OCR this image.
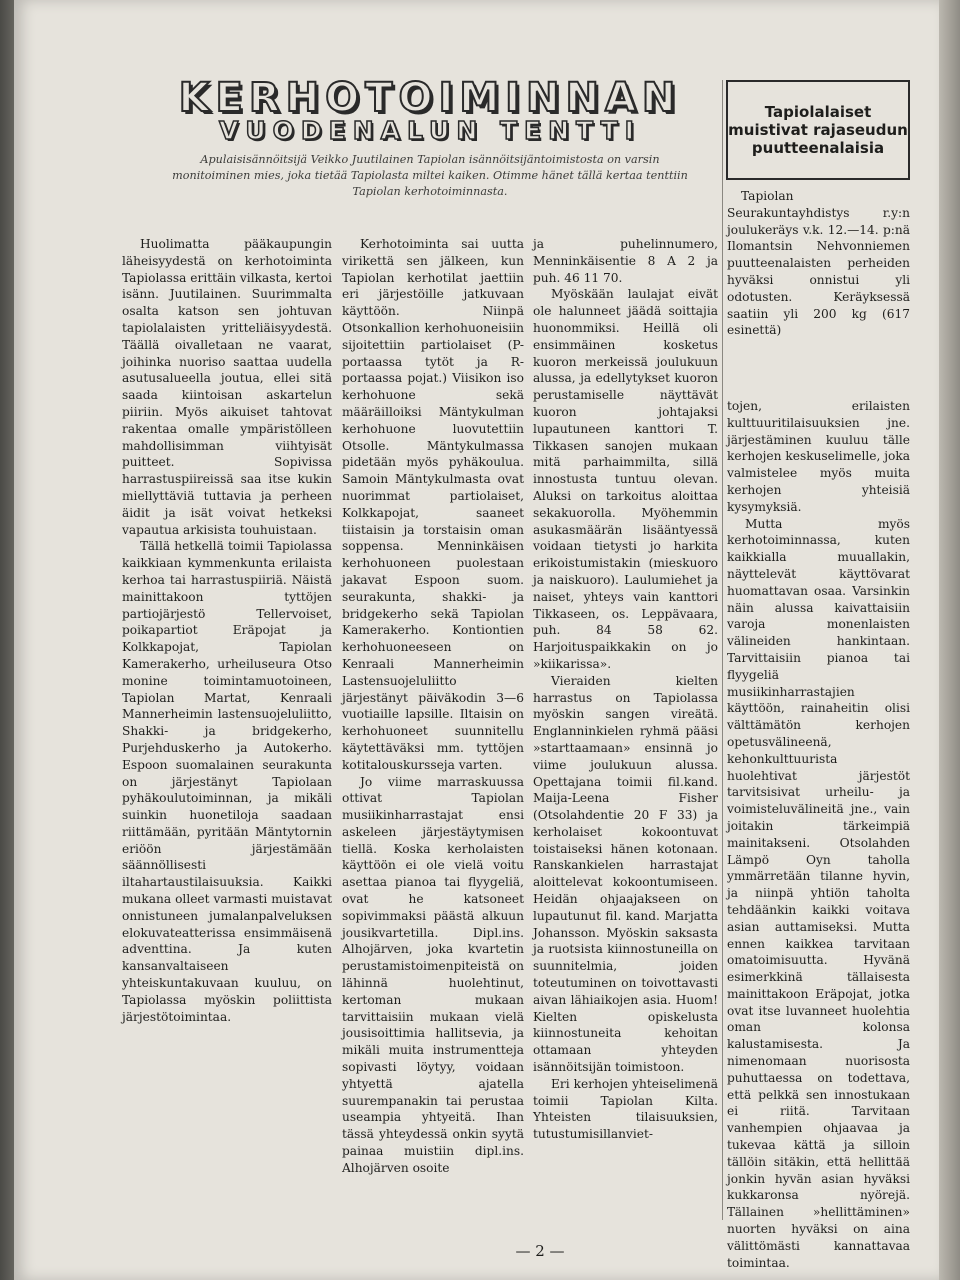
KERHOTOIMINNAN
VUODENALUN TENTTI
Apulaisisännöitsijä Veikko Juutilainen Tapiolan isännöitsijäntoimistosta on varsin monitoiminen mies, joka tietää Tapiolasta miltei kaiken. Otimme hänet tällä kertaa tenttiin Tapiolan kerhotoiminnasta.

Huolimatta pääkaupungin läheisyydestä on kerhotoiminta Tapiolassa erittäin vilkasta, kertoi isänn. Juutilainen. Suurimmalta osalta katson sen johtuvan tapiolalaisten yritteliäisyydestä. Täällä oivalletaan ne vaarat, joihinka nuoriso saattaa uudella asutusalueella joutua, ellei sitä saada kiintoisan askartelun piiriin. Myös aikuiset tahtovat rakentaa omalle ympäristölleen mahdollisimman viihtyisät puitteet. Sopivissa harrastuspiireissä saa itse kukin miellyttäviä tuttavia ja perheen äidit ja isät voivat hetkeksi vapautua arkisista touhuistaan.

Tällä hetkellä toimii Tapiolassa kaikkiaan kymmenkunta erilaista kerhoa tai harrastuspiiriä. Näistä mainittakoon tyttöjen partiojärjestö Tellervoiset, poikapartiot Eräpojat ja Kolkkapojat, Tapiolan Kamerakerho, urheiluseura Otso monine toimintamuotoineen, Tapiolan Martat, Kenraali Mannerheimin lastensuojeluliitto, Shakki- ja bridgekerho, Purjehduskerho ja Autokerho. Espoon suomalainen seurakunta on järjestänyt Tapiolaan pyhäkoulutoiminnan, ja mikäli suinkin huonetiloja saadaan riittämään, pyritään Mäntytornin eriöön järjestämään säännöllisesti iltahartaustilaisuuksia. Kaikki mukana olleet varmasti muistavat onnistuneen jumalanpalveluksen elokuvateatterissa ensimmäisenä adventtina. Ja kuten kansanvaltaiseen yhteiskuntakuvaan kuuluu, on Tapiolassa myöskin poliittista järjestötoimintaa.

Kerhotoiminta sai uutta virikettä sen jälkeen, kun Tapiolan kerhotilat jaettiin eri järjestöille jatkuvaan käyttöön. Niinpä Otsonkallion kerhohuoneisiin sijoitettiin partiolaiset (P-portaassa tytöt ja R-portaassa pojat.) Viisikon iso kerhohuone sekä määräilloiksi Mäntykulman kerhohuone luovutettiin Otsolle. Mäntykulmassa pidetään myös pyhäkoulua. Samoin Mäntykulmasta ovat nuorimmat partiolaiset, Kolkkapojat, saaneet tiistaisin ja torstaisin oman soppensa. Menninkäisen kerhohuoneen puolestaan jakavat Espoon suom. seurakunta, shakki- ja bridgekerho sekä Tapiolan Kamerakerho. Kontiontien kerhohuoneeseen on Kenraali Mannerheimin Lastensuojeluliitto järjestänyt päiväkodin 3—6 vuotiaille lapsille. Iltaisin on kerhohuoneet suunnitellu käytettäväksi mm. tyttöjen kotitalouskursseja varten.

Jo viime marraskuussa ottivat Tapiolan musiikinharrastajat ensi askeleen järjestäytymisen tiellä. Koska kerholaisten käyttöön ei ole vielä voitu asettaa pianoa tai flyygeliä, ovat he katsoneet sopivimmaksi päästä alkuun jousikvartetilla. Dipl.ins. Alhojärven, joka kvartetin perustamistoimenpiteistä on lähinnä huolehtinut, kertoman mukaan tarvittaisiin mukaan vielä jousisoittimia hallitsevia, ja mikäli muita instrumentteja sopivasti löytyy, voidaan yhtyettä ajatella suurempanakin tai perustaa useampia yhtyeitä. Ihan tässä yhteydessä onkin syytä painaa muistiin dipl.ins. Alhojärven osoite

ja puhelinnumero, Menninkäisentie 8 A 2 ja puh. 46 11 70.

Myöskään laulajat eivät ole halunneet jäädä soittajia huonommiksi. Heillä oli ensimmäinen kosketus kuoron merkeissä joulukuun alussa, ja edellytykset kuoron perustamiselle näyttävät kuoron johtajaksi lupautuneen kanttori T. Tikkasen sanojen mukaan mitä parhaimmilta, sillä innostusta tuntuu olevan. Aluksi on tarkoitus aloittaa sekakuorolla. Myöhemmin asukasmäärän lisääntyessä voidaan tietysti jo harkita erikoistumistakin (mieskuoro ja naiskuoro). Laulumiehet ja naiset, yhteys vain kanttori Tikkaseen, os. Leppävaara, puh. 84 58 62. Harjoituspaikkakin on jo »kiikarissa».

Vieraiden kielten harrastus on Tapiolassa myöskin sangen vireätä. Englanninkielen ryhmä pääsi »starttaamaan» ensinnä jo viime joulukuun alussa. Opettajana toimii fil.kand. Maija-Leena Fisher (Otsolahdentie 20 F 33) ja kerholaiset kokoontuvat toistaiseksi hänen kotonaan. Ranskankielen harrastajat aloittelevat kokoontumiseen. Heidän ohjaajakseen on lupautunut fil. kand. Marjatta Johansson. Myöskin saksasta ja ruotsista kiinnostuneilla on suunnitelmia, joiden toteutuminen on toivottavasti aivan lähiaikojen asia. Huom! Kielten opiskelusta kiinnostuneita kehoitan ottamaan yhteyden isännöitsijän toimistoon.

Eri kerhojen yhteiselimenä toimii Tapiolan Kilta. Yhteisten tilaisuuksien, tutustumisillanviet-

Tapiolalaiset muistivat rajaseudun puutteenalaisia

Tapiolan Seurakuntayhdistys r.y:n joulukeräys v.k. 12.—14. p:nä Ilomantsin Nehvonniemen puutteenalaisten perheiden hyväksi onnistui yli odotusten. Keräyksessä saatiin yli 200 kg (617 esinettä)

tojen, erilaisten kulttuuritilaisuuksien jne. järjestäminen kuuluu tälle kerhojen keskuselimelle, joka valmistelee myös muita kerhojen yhteisiä kysymyksiä.

Mutta myös kerhotoiminnassa, kuten kaikkialla muuallakin, näyttelevät käyttövarat huomattavan osaa. Varsinkin näin alussa kaivattaisiin varoja monenlaisten välineiden hankintaan. Tarvittaisiin pianoa tai flyygeliä musiikinharrastajien käyttöön, rainaheitin olisi välttämätön kerhojen opetusvälineenä, kehonkulttuurista huolehtivat järjestöt tarvitsisivat urheilu- ja voimisteluvälineitä jne., vain joitakin tärkeimpiä mainitakseni. Otsolahden Lämpö Oyn taholla ymmärretään tilanne hyvin, ja niinpä yhtiön taholta tehdäänkin kaikki voitava asian auttamiseksi. Mutta ennen kaikkea tarvitaan omatoimisuutta. Hyvänä esimerkkinä tällaisesta mainittakoon Eräpojat, jotka ovat itse luvanneet huolehtia oman kolonsa kalustamisesta. Ja nimenomaan nuorisosta puhuttaessa on todettava, että pelkkä sen innostukaan ei riitä. Tarvitaan vanhempien ohjaavaa ja tukevaa kättä ja silloin tällöin sitäkin, että hellittää jonkin hyvän asian hyväksi kukkaronsa nyörejä. Tällainen »hellittäminen» nuorten hyväksi on aina välittömästi kannattavaa toimintaa.

— 2 —
